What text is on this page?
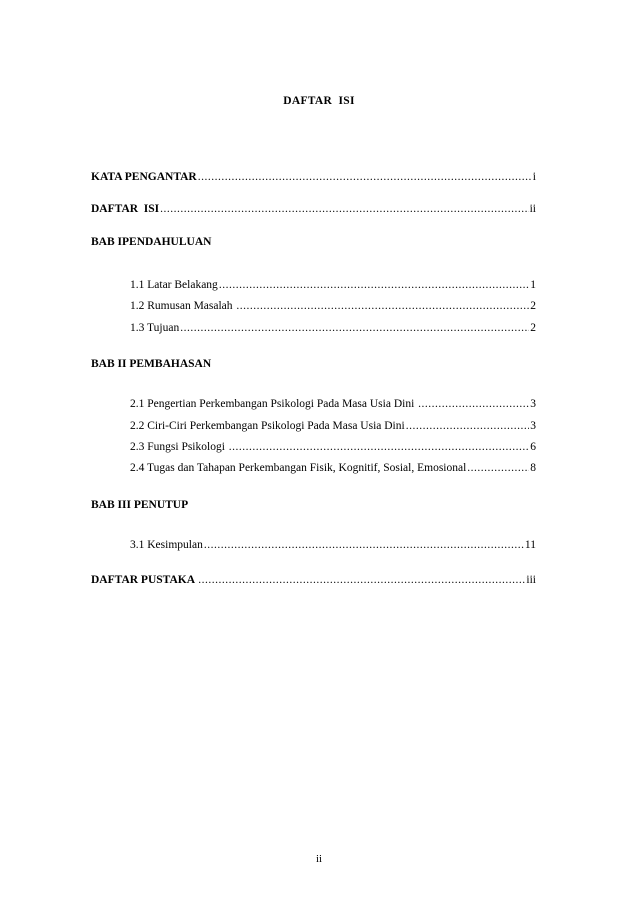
DAFTAR  ISI
KATA PENGANTAR .....	i
DAFTAR  ISI .....	ii
BAB IPENDAHULUAN
1.1 Latar Belakang .....	1
1.2 Rumusan Masalah .....	2
1.3 Tujuan .....	2
BAB II PEMBAHASAN
2.1 Pengertian Perkembangan Psikologi Pada Masa Usia Dini .....	3
2.2 Ciri-Ciri Perkembangan Psikologi Pada Masa Usia Dini .....	3
2.3 Fungsi Psikologi .....	6
2.4 Tugas dan Tahapan Perkembangan Fisik, Kognitif, Sosial, Emosional .....	8
BAB III PENUTUP
3.1 Kesimpulan .....	11
DAFTAR PUSTAKA .....	iii
ii
